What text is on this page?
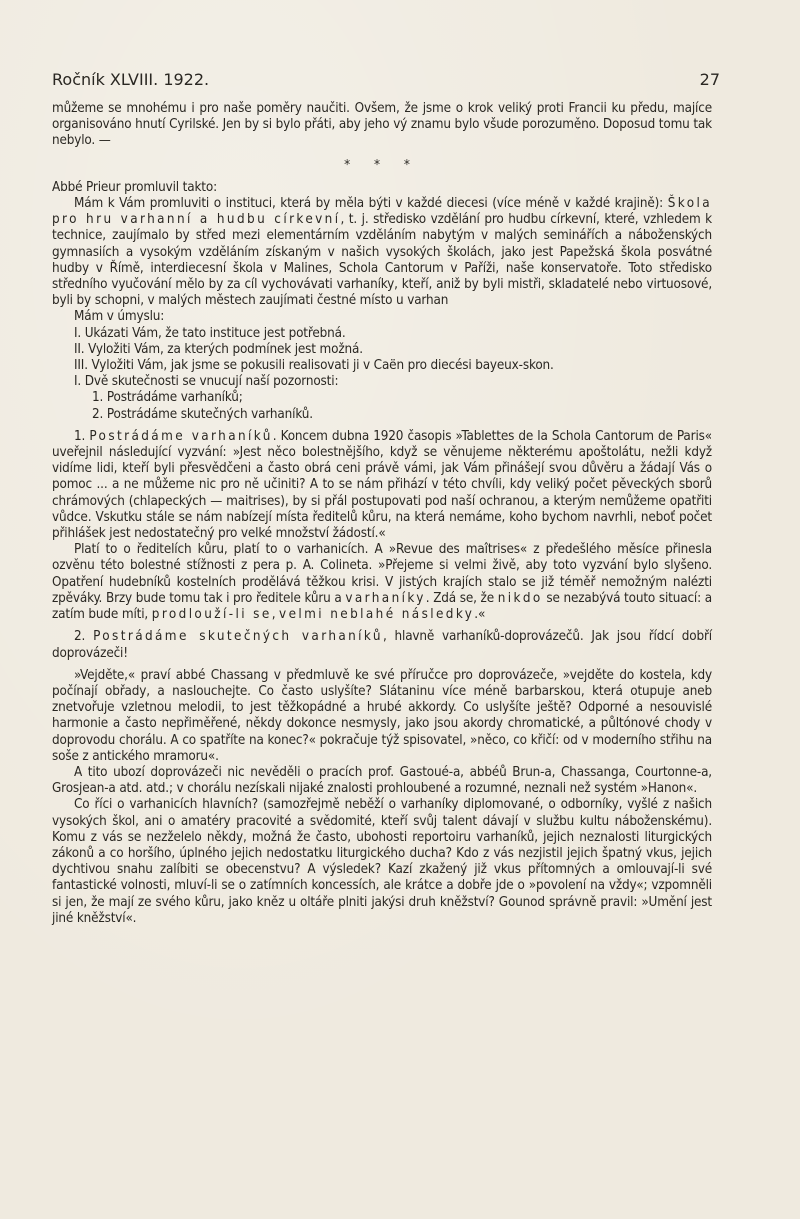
Ročník XLVIII. 1922.	27

můžeme se mnohému i pro naše poměry naučiti. Ovšem, že jsme o krok veliký proti Francii ku předu, majíce organisováno hnutí Cyrilské. Jen by si bylo přáti, aby jeho vý znamu bylo všude porozuměno. Doposud tomu tak nebylo. —

* * *

Abbé Prieur promluvil takto:

Mám k Vám promluviti o instituci, která by měla býti v každé diecesi (více méně v každé krajině): Škola pro hru varhanní a hudbu církevní, t. j. středisko vzdělání pro hudbu církevní, které, vzhledem k technice, zaujímalo by střed mezi elementárním vzděláním nabytým v malých seminářích a náboženských gymnasiích a vysokým vzděláním získaným v našich vysokých školách, jako jest Papežská škola posvátné hudby v Římě, interdiecesní škola v Malines, Schola Cantorum v Paříži, naše konservatoře. Toto středisko středního vyučování mělo by za cíl vychovávati varhaníky, kteří, aniž by byli mistři, skladatelé nebo virtuosové, byli by schopni, v malých městech zaujímati čestné místo u varhan

Mám v úmyslu:

I. Ukázati Vám, že tato instituce jest potřebná.
II. Vyložiti Vám, za kterých podmínek jest možná.
III. Vyložiti Vám, jak jsme se pokusili realisovati ji v Caën pro diecési bayeux-skon.

I. Dvě skutečnosti se vnucují naší pozornosti:

1. Postrádáme varhaníků;
2. Postrádáme skutečných varhaníků.

1. Postrádáme varhaníků. Koncem dubna 1920 časopis »Tablettes de la Schola Cantorum de Paris« uveřejnil následující vyzvání: »Jest něco bolestnějšího, když se věnujeme některému apoštolátu, nežli když vidíme lidi, kteří byli přesvědčeni a často obrá ceni právě vámi, jak Vám přinášejí svou důvěru a žádají Vás o pomoc ... a ne můžeme nic pro ně učiniti? A to se nám přihází v této chvíli, kdy veliký počet pěveckých sborů chrámových (chlapeckých — maitrises), by si přál postupovati pod naší ochranou, a kterým nemůžeme opatřiti vůdce. Vskutku stále se nám nabízejí místa ředitelů kůru, na která nemáme, koho bychom navrhli, neboť počet přihlášek jest nedostatečný pro velké množství žádostí.«

Platí to o ředitelích kůru, platí to o varhanicích. A »Revue des maîtrises« z předešlého měsíce přinesla ozvěnu této bolestné stížnosti z pera p. A. Colineta. »Přejeme si velmi živě, aby toto vyzvání bylo slyšeno. Opatření hudebníků kostelních prodělává těžkou krisi. V jistých krajích stalo se již téměř nemožným nalézti zpěváky. Brzy bude tomu tak i pro ředitele kůru a varhaníky. Zdá se, že nikdo se nezabývá touto situací: a zatím bude míti, prodlouží-li se, velmi neblahé následky.«

2. Postrádáme skutečných varhaníků, hlavně varhaníků-doprovázečů. Jak jsou řídcí dobří doprovázeči!

»Vejděte,« praví abbé Chassang v předmluvě ke své příručce pro doprovázeče, »vejděte do kostela, kdy počínají obřady, a naslouchejte. Co často uslyšíte? Slátaninu více méně barbarskou, která otupuje aneb znetvořuje vzletnou melodii, to jest těžkopádné a hrubé akkordy. Co uslyšíte ještě? Odporné a nesouvislé harmonie a často nepřiměřené, někdy dokonce nesmysly, jako jsou akordy chromatické, a půltónové chody v doprovodu chorálu. A co spatříte na konec?« pokračuje týž spisovatel, »něco, co křičí: od v moderního střihu na soše z antického mramoru«.

A tito ubozí doprovázeči nic nevěděli o pracích prof. Gastoué-a, abbéů Brun-a, Chassanga, Courtonne-a, Grosjean-a atd. atd.; v chorálu nezískali nijaké znalosti prohloubené a rozumné, neznali než systém »Hanon«.

Co říci o varhanicích hlavních? (samozřejmě neběží o varhaníky diplomované, o odborníky, vyšlé z našich vysokých škol, ani o amatéry pracovité a svědomité, kteří svůj talent dávají v službu kultu náboženskému). Komu z vás se nezželelo někdy, možná že často, ubohosti reportoiru varhaníků, jejich neznalosti liturgických zákonů a co horšího, úplného jejich nedostatku liturgického ducha? Kdo z vás nezjistil jejich špatný vkus, jejich dychtivou snahu zalíbiti se obecenstvu? A výsledek? Kazí zkažený již vkus přítomných a omlouvají-li své fantastické volnosti, mluví-li se o zatímních koncessích, ale krátce a dobře jde o »povolení na vždy«; vzpomněli si jen, že mají ze svého kůru, jako kněz u oltáře plniti jakýsi druh kněžství? Gounod správně pravil: »Umění jest jiné kněžství«.
